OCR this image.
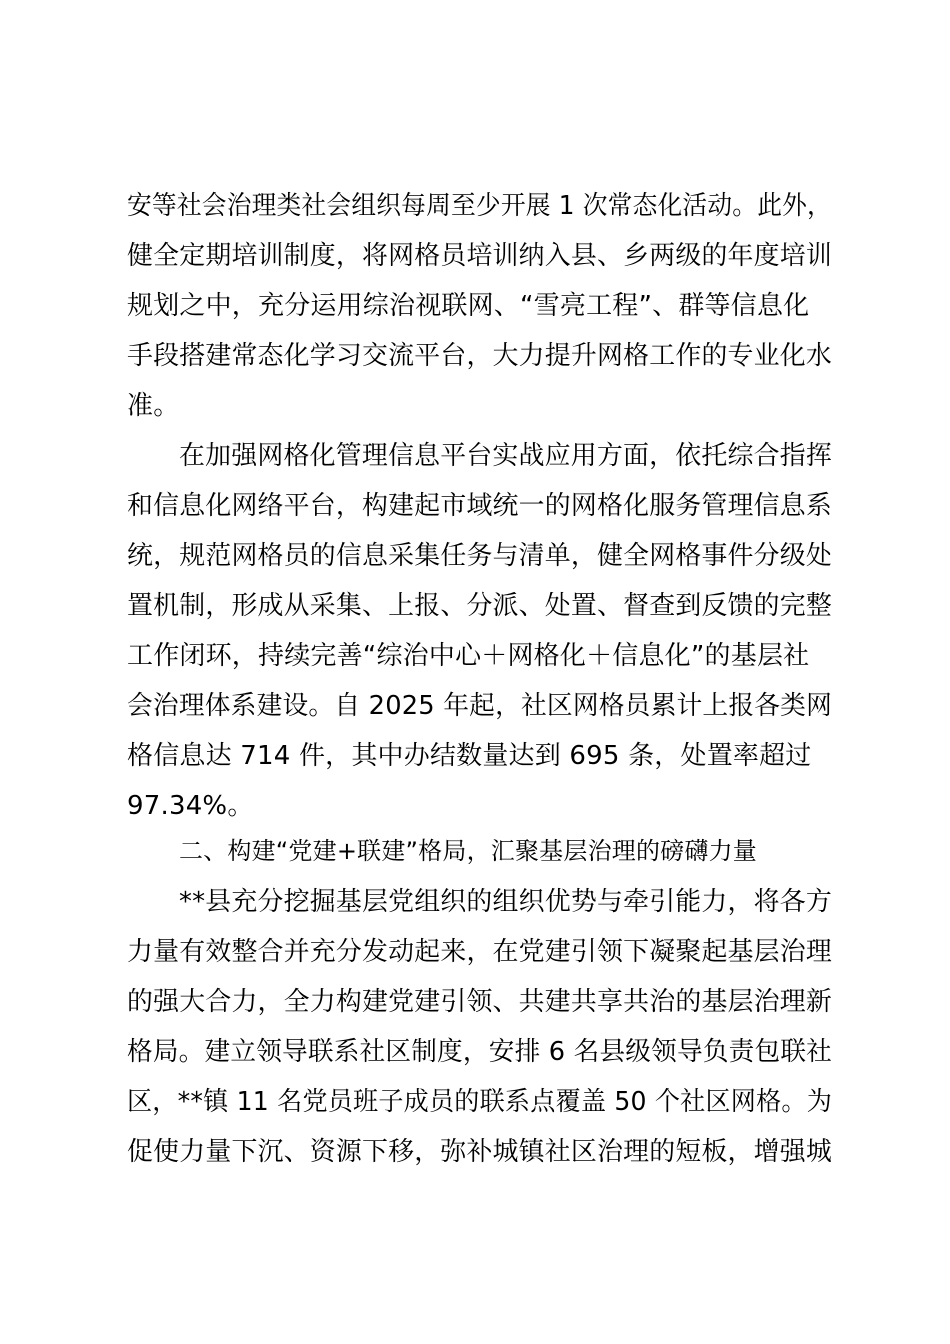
安等社会治理类社会组织每周至少开展 1 次常态化活动。此外，
健全定期培训制度，将网格员培训纳入县、乡两级的年度培训
规划之中，充分运用综治视联网、“雪亮工程”、群等信息化
手段搭建常态化学习交流平台，大力提升网格工作的专业化水
准。
在加强网格化管理信息平台实战应用方面，依托综合指挥
和信息化网络平台，构建起市域统一的网格化服务管理信息系
统，规范网格员的信息采集任务与清单，健全网格事件分级处
置机制，形成从采集、上报、分派、处置、督查到反馈的完整
工作闭环，持续完善“综治中心＋网格化＋信息化”的基层社
会治理体系建设。自 2025 年起，社区网格员累计上报各类网
格信息达 714 件，其中办结数量达到 695 条，处置率超过
97.34%。
二、构建“党建+联建”格局，汇聚基层治理的磅礴力量
**县充分挖掘基层党组织的组织优势与牵引能力，将各方
力量有效整合并充分发动起来，在党建引领下凝聚起基层治理
的强大合力，全力构建党建引领、共建共享共治的基层治理新
格局。建立领导联系社区制度，安排 6 名县级领导负责包联社
区，**镇 11 名党员班子成员的联系点覆盖 50 个社区网格。为
促使力量下沉、资源下移，弥补城镇社区治理的短板，增强城
